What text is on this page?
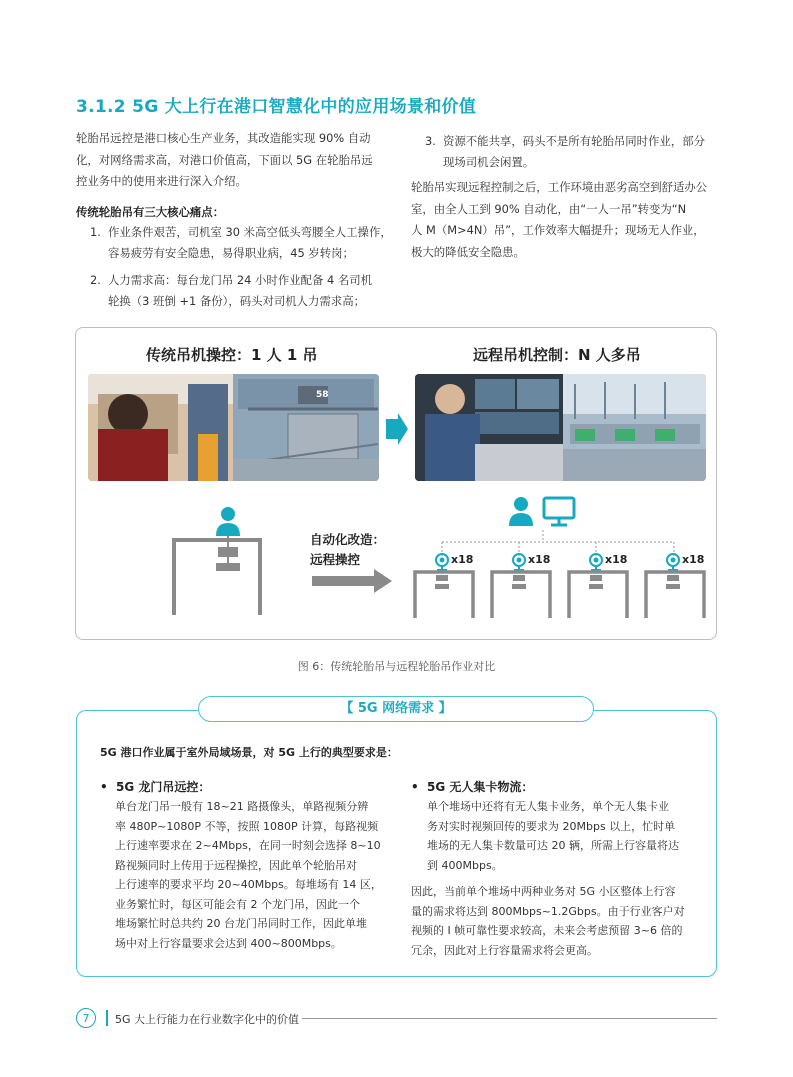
3.1.2 5G 大上行在港口智慧化中的应用场景和价值
轮胎吊远控是港口核心生产业务，其改造能实现 90% 自动
化，对网络需求高，对港口价值高，下面以 5G 在轮胎吊远
控业务中的使用来进行深入介绍。
传统轮胎吊有三大核心痛点：
1. 作业条件艰苦，司机室 30 米高空低头弯腰全人工操作，
容易疲劳有安全隐患，易得职业病，45 岁转岗；
2. 人力需求高：每台龙门吊 24 小时作业配备 4 名司机
轮换（3 班倒 +1 备份），码头对司机人力需求高；
3. 资源不能共享，码头不是所有轮胎吊同时作业，部分
现场司机会闲置。
轮胎吊实现远程控制之后，工作环境由恶劣高空到舒适办公
室，由全人工到 90% 自动化，由“一人一吊”转变为“N
人 M（M>4N）吊”，工作效率大幅提升；现场无人作业，
极大的降低安全隐患。
传统吊机操控：1 人 1 吊	远程吊机控制：N 人多吊
58
自动化改造：
远程操控	x18	x18	x18	x18
图 6：传统轮胎吊与远程轮胎吊作业对比
【 5G 网络需求 】
5G 港口作业属于室外局域场景，对 5G 上行的典型要求是：
•  5G 龙门吊远控：
单台龙门吊一般有 18~21 路摄像头，单路视频分辨
率 480P~1080P 不等，按照 1080P 计算，每路视频
上行速率要求在 2~4Mbps，在同一时刻会选择 8~10
路视频同时上传用于远程操控，因此单个轮胎吊对
上行速率的要求平均 20~40Mbps。每堆场有 14 区，
业务繁忙时，每区可能会有 2 个龙门吊，因此一个
堆场繁忙时总共约 20 台龙门吊同时工作，因此单堆
场中对上行容量要求会达到 400~800Mbps。
•  5G 无人集卡物流：
单个堆场中还将有无人集卡业务，单个无人集卡业
务对实时视频回传的要求为 20Mbps 以上，忙时单
堆场的无人集卡数量可达 20 辆，所需上行容量将达
到 400Mbps。
因此，当前单个堆场中两种业务对 5G 小区整体上行容
量的需求将达到 800Mbps~1.2Gbps。由于行业客户对
视频的 I 帧可靠性要求较高，未来会考虑预留 3~6 倍的
冗余，因此对上行容量需求将会更高。
7	5G 大上行能力在行业数字化中的价值
